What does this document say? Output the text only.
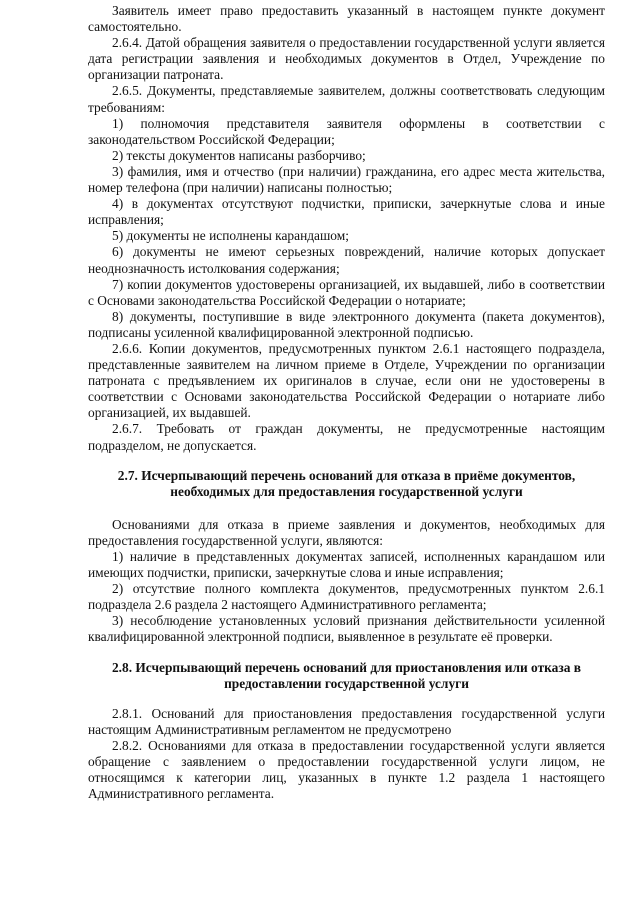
Заявитель имеет право предоставить указанный в настоящем пункте документ самостоятельно.

2.6.4. Датой обращения заявителя о предоставлении государственной услуги является дата регистрации заявления и необходимых документов в Отдел, Учреждение по организации патроната.

2.6.5. Документы, представляемые заявителем, должны соответствовать следующим требованиям:

1) полномочия представителя заявителя оформлены в соответствии с законодательством Российской Федерации;

2) тексты документов написаны разборчиво;

3) фамилия, имя и отчество (при наличии) гражданина, его адрес места жительства, номер телефона (при наличии) написаны полностью;

4) в документах отсутствуют подчистки, приписки, зачеркнутые слова и иные исправления;

5) документы не исполнены карандашом;

6) документы не имеют серьезных повреждений, наличие которых допускает неоднозначность истолкования содержания;

7) копии документов удостоверены организацией, их выдавшей, либо в соответствии с Основами законодательства Российской Федерации о нотариате;

8) документы, поступившие в виде электронного документа (пакета документов), подписаны усиленной квалифицированной электронной подписью.

2.6.6. Копии документов, предусмотренных пунктом 2.6.1 настоящего подраздела, представленные заявителем на личном приеме в Отделе, Учреждении по организации патроната с предъявлением их оригиналов в случае, если они не удостоверены в соответствии с Основами законодательства Российской Федерации о нотариате либо организацией, их выдавшей.

2.6.7. Требовать от граждан документы, не предусмотренные настоящим подразделом, не допускается.

2.7. Исчерпывающий перечень оснований для отказа в приёме документов, необходимых для предоставления государственной услуги

Основаниями для отказа в приеме заявления и документов, необходимых для предоставления государственной услуги, являются:

1) наличие в представленных документах записей, исполненных карандашом или имеющих подчистки, приписки, зачеркнутые слова и иные исправления;

2) отсутствие полного комплекта документов, предусмотренных пунктом 2.6.1 подраздела 2.6 раздела 2 настоящего Административного регламента;

3) несоблюдение установленных условий признания действительности усиленной квалифицированной электронной подписи, выявленное в результате её проверки.

2.8. Исчерпывающий перечень оснований для приостановления или отказа в предоставлении государственной услуги

2.8.1. Оснований для приостановления предоставления государственной услуги настоящим Административным регламентом не предусмотрено

2.8.2. Основаниями для отказа в предоставлении государственной услуги является обращение с заявлением о предоставлении государственной услуги лицом, не относящимся к категории лиц, указанных в пункте 1.2 раздела 1 настоящего Административного регламента.
